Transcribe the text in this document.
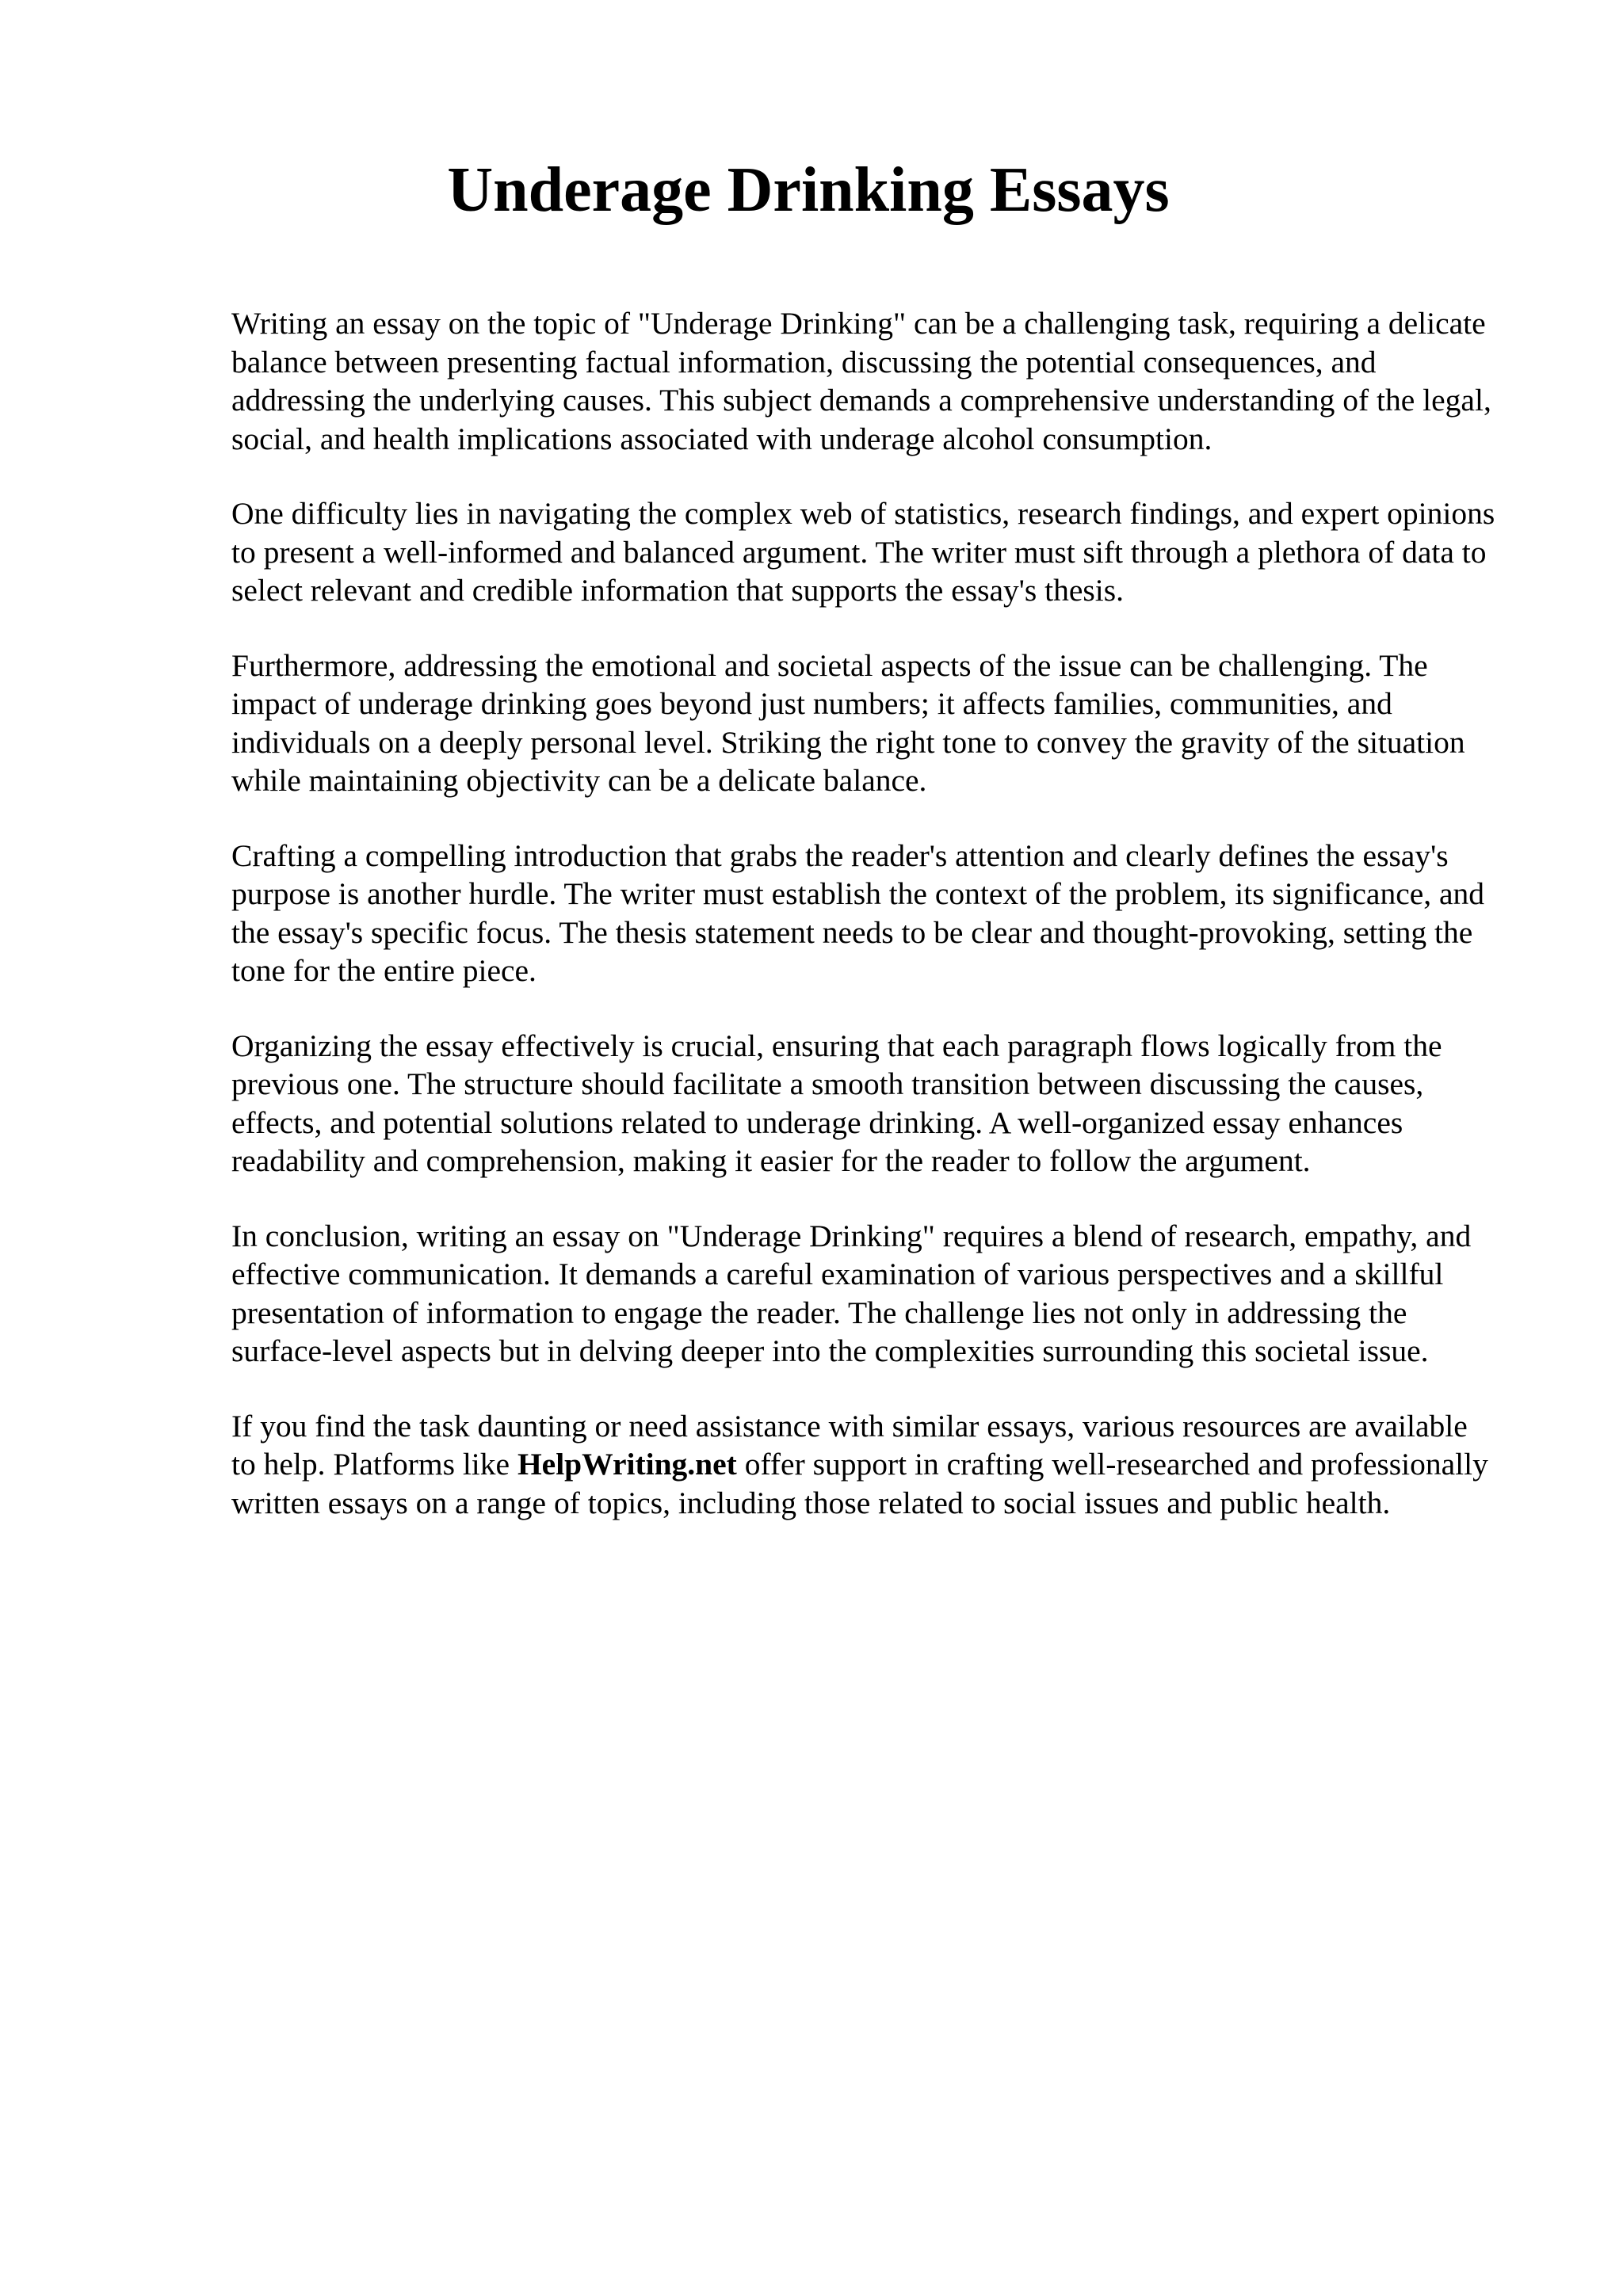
Underage Drinking Essays

Writing an essay on the topic of "Underage Drinking" can be a challenging task, requiring a delicate balance between presenting factual information, discussing the potential consequences, and addressing the underlying causes. This subject demands a comprehensive understanding of the legal, social, and health implications associated with underage alcohol consumption.

One difficulty lies in navigating the complex web of statistics, research findings, and expert opinions to present a well-informed and balanced argument. The writer must sift through a plethora of data to select relevant and credible information that supports the essay's thesis.

Furthermore, addressing the emotional and societal aspects of the issue can be challenging. The impact of underage drinking goes beyond just numbers; it affects families, communities, and individuals on a deeply personal level. Striking the right tone to convey the gravity of the situation while maintaining objectivity can be a delicate balance.

Crafting a compelling introduction that grabs the reader's attention and clearly defines the essay's purpose is another hurdle. The writer must establish the context of the problem, its significance, and the essay's specific focus. The thesis statement needs to be clear and thought-provoking, setting the tone for the entire piece.

Organizing the essay effectively is crucial, ensuring that each paragraph flows logically from the previous one. The structure should facilitate a smooth transition between discussing the causes, effects, and potential solutions related to underage drinking. A well-organized essay enhances readability and comprehension, making it easier for the reader to follow the argument.

In conclusion, writing an essay on "Underage Drinking" requires a blend of research, empathy, and effective communication. It demands a careful examination of various perspectives and a skillful presentation of information to engage the reader. The challenge lies not only in addressing the surface-level aspects but in delving deeper into the complexities surrounding this societal issue.

If you find the task daunting or need assistance with similar essays, various resources are available to help. Platforms like HelpWriting.net offer support in crafting well-researched and professionally written essays on a range of topics, including those related to social issues and public health.
